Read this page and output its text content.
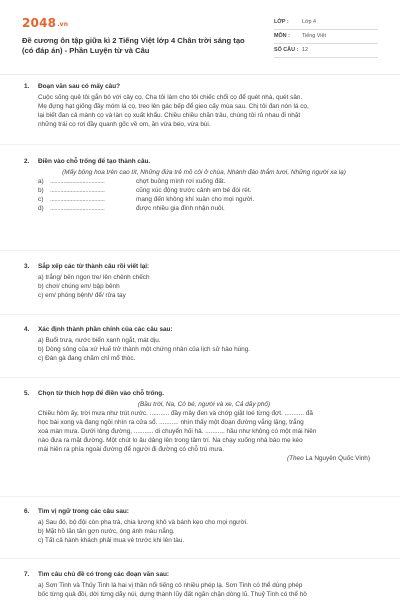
2048.vn
Đề cương ôn tập giữa kì 2 Tiếng Việt lớp 4 Chân trời sáng tạo (có đáp án) - Phần Luyện từ và Câu
LỚP : Lớp 4
MÔN : Tiếng Việt
SỐ CÂU : 12
1. Đoạn văn sau có mấy câu?
Cuộc sống quê tôi gắn bó với cây cọ. Cha tôi làm cho tôi chiếc chổi cọ để quét nhà, quét sân.
Mẹ đựng hạt giống đầy móm lá cọ, treo lên gác bếp để gieo cấy mùa sau. Chị tôi đan nón lá cọ,
lại biết đan cả mành cọ và làn cọ xuất khẩu. Chiều chiều chăn trâu, chúng tôi rủ nhau đi nhặt
những trái cọ rơi đầy quanh gốc về om, ăn vừa béo, vừa bùi.
2. Điền vào chỗ trống để tạo thành câu.
(Mấy bông hoa trên cao tít, Những đứa trẻ mồ côi ở chùa, Nhành đào thắm tươi, Những người xa lạ)
a) .....................................	chợt buông mình rơi xuống đất.
b) .....................................	cũng xúc động trước cảnh em bé đói rét.
c)	.....................................	mang đến không khí xuân cho mọi người.
d) .....................................	được nhiều gia đình nhận nuôi.
3. Sắp xếp các từ thành câu rồi viết lại:
a) trắng/ bên ngọn tre/ lên chênh chếch
b) chơi/ chúng em/ bập bênh
c) em/ phòng bệnh/ để/ rửa tay
4. Xác định thành phần chính của các câu sau:
a) Buổi trưa, nước biển xanh ngắt, mát dịu.
b) Dòng sông của xứ Huế trở thành một chứng nhân của lịch sử hào hùng.
c) Đàn gà đang chăm chỉ mổ thóc.
5. Chọn từ thích hợp để điền vào chỗ trống.
(Bầu trời, Na, Cô bé, người và xe, Cả dãy phố)
Chiều hôm ấy, trời mưa như trút nước. ........... đầy mây đen và chớp giật loé từng đợt. ........... đã
học bài xong và đang ngồi nhìn ra cửa sổ. ........... nhìn thấy một đoạn đường vắng lặng, trắng
xoá màn mưa. Dưới lòng đường, ........... di chuyển hối hả. ........... hầu như không có một mái hiên
nào đưa ra mặt đường. Một chút lo âu dâng lên trong tâm trí. Na chạy xuống nhà báo mẹ kéo
mái hiên ra phía ngoài đường để người đi đường có chỗ trú mưa.
(Theo La Nguyên Quốc Vinh)
6. Tìm vị ngữ trong các câu sau:
a) Sau đó, bộ đội còn pha trà, chia lương khô và bánh kẹo cho mọi người.
b) Mặt hồ lăn tăn gợn nước, óng ánh màu nắng.
c) Tất cả hành khách phải mua vé trước khi lên tàu.
7. Tìm câu chủ đề có trong các đoạn văn sau:
a) Sơn Tinh và Thủy Tinh là hai vị thần nổi tiếng có nhiều phép lạ. Sơn Tinh có thể dùng phép
bốc từng quả đồi, dời từng dãy núi, dựng thành lũy đất ngăn chặn dòng lũ. Thuỷ Tinh có thể hô
